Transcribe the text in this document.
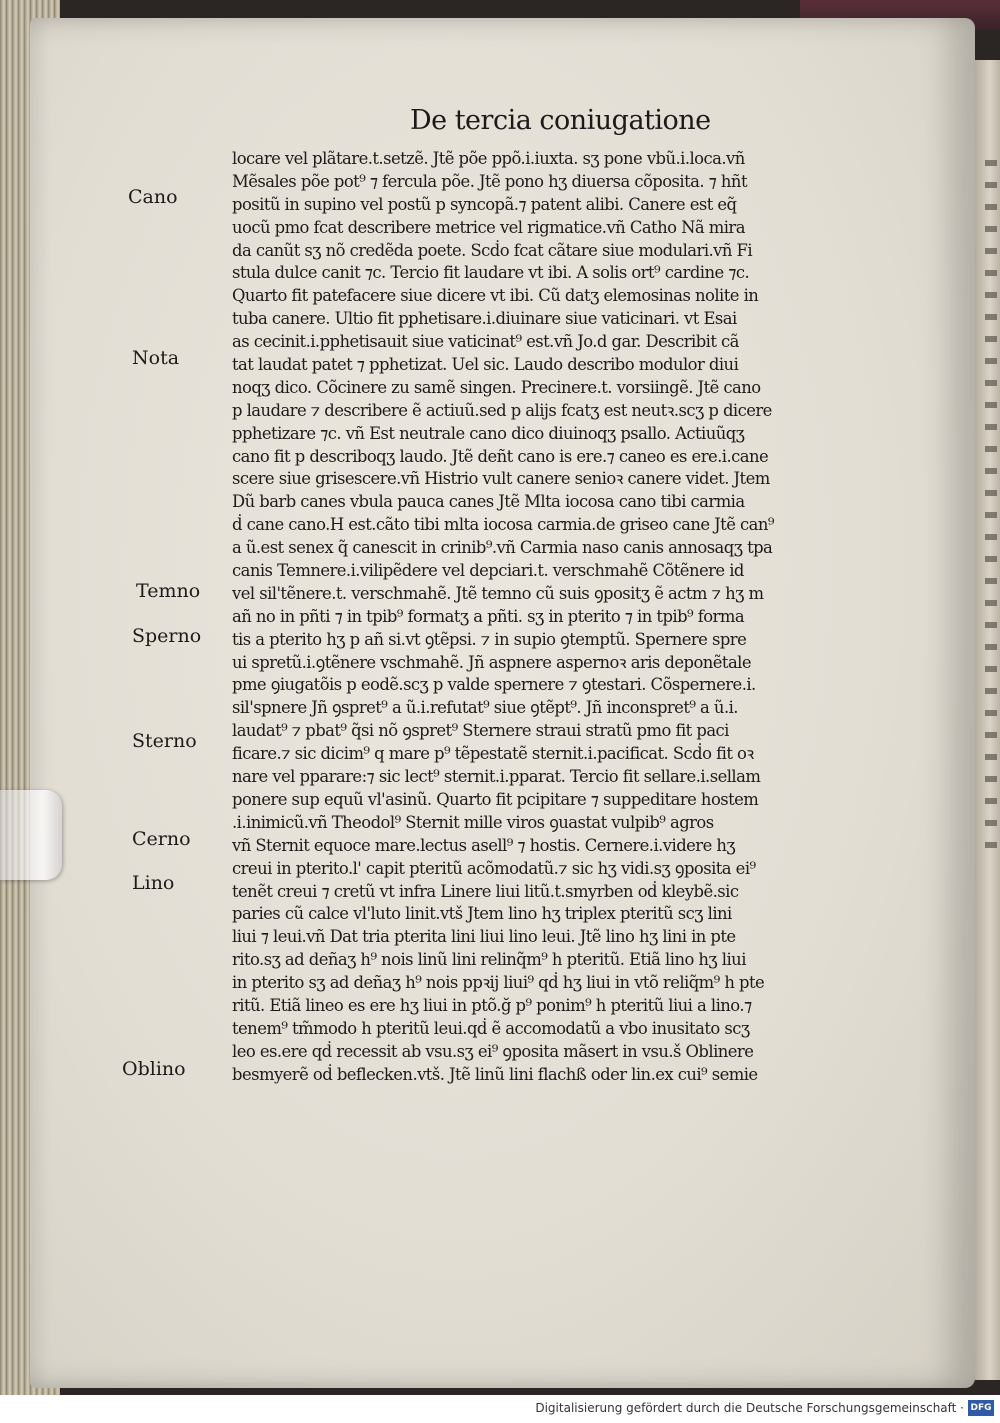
De tercia coniugatione
Cano
Nota
Temno
Sperno
Sterno
Cerno
Lino
Oblino
locare vel plãtare.t.setzẽ. Jtẽ põe ppõ.i.iuxta. sʒ pone vbũ.i.loca.vñ
Mẽsales põe pot⁹ ⁊ fercula põe. Jtẽ pono hʒ diuersa cõposita. ⁊ hñt
positũ in supino vel postũ p syncopã.⁊ patent alibi. Canere est eq̃
uocũ pmo fcat describere metrice vel rigmatice.vñ Catho Nã mira
da canũt sʒ nõ credẽda poete. Scḋo fcat cãtare siue modulari.vñ Fi
stula dulce canit ⁊c. Tercio fit laudare vt ibi. A solis ort⁹ cardine ⁊c.
Quarto fit patefacere siue dicere vt ibi. Cũ datʒ elemosinas nolite in
tuba canere. Ultio fit pphetisare.i.diuinare siue vaticinari. vt Esai
as cecinit.i.pphetisauit siue vaticinat⁹ est.vñ Jo.d gar. Describit cã
tat laudat patet ⁊ pphetizat. Uel sic. Laudo describo modulor diui
noqʒ dico. Cõcinere zu samẽ singen. Precinere.t. vorsiingẽ. Jtẽ cano
p laudare ⁊ describere ẽ actiuũ.sed p alijs fcatʒ est neutꝛ.scʒ p dicere
pphetizare ⁊c. vñ Est neutrale cano dico diuinoqʒ psallo. Actiuũqʒ
cano fit p describoqʒ laudo. Jtẽ deñt cano is ere.⁊ caneo es ere.i.cane
scere siue grisescere.vñ Histrio vult canere senioꝛ canere videt. Jtem
Dũ barb canes vbula pauca canes Jtẽ Mlta iocosa cano tibi carmia
ḋ cane cano.H est.cãto tibi mlta iocosa carmia.de griseo cane Jtẽ can⁹
a ũ.est senex q̃ canescit in crinib⁹.vñ Carmia naso canis annosaqʒ tpa
canis Temnere.i.vilipẽdere vel depciari.t. verschmahẽ Cõtẽnere id
vel sil'tẽnere.t. verschmahẽ. Jtẽ temno cũ suis ꝯpositʒ ẽ actm ⁊ hʒ m
añ no in pñti ⁊ in tpib⁹ formatʒ a pñti. sʒ in pterito ⁊ in tpib⁹ forma
tis a pterito hʒ p añ si.vt ꝯtẽpsi. ⁊ in supio ꝯtemptũ. Spernere spre
ui spretũ.i.ꝯtẽnere vschmahẽ. Jñ aspnere aspernoꝛ aris deponẽtale
pme ꝯiugatõis p eodẽ.scʒ p valde spernere ⁊ ꝯtestari. Cõspernere.i.
sil'spnere Jñ ꝯspret⁹ a ũ.i.refutat⁹ siue ꝯtẽpt⁹. Jñ inconspret⁹ a ũ.i.
laudat⁹ ⁊ pbat⁹ q̃si nõ ꝯspret⁹ Sternere straui stratũ pmo fit paci
ficare.⁊ sic dicim⁹ q mare p⁹ tẽpestatẽ sternit.i.pacificat. Scḋo fit oꝛ
nare vel pparare:⁊ sic lect⁹ sternit.i.pparat. Tercio fit sellare.i.sellam
ponere sup equũ vl'asinũ. Quarto fit pcipitare ⁊ suppeditare hostem
.i.inimicũ.vñ Theodol⁹ Sternit mille viros ꝯuastat vulpib⁹ agros
vñ Sternit equoce mare.lectus asell⁹ ⁊ hostis. Cernere.i.videre hʒ
creui in pterito.l' capit pteritũ acõmodatũ.⁊ sic hʒ vidi.sʒ ꝯposita ei⁹
tenẽt creui ⁊ cretũ vt infra Linere liui litũ.t.smyrben oḋ kleybẽ.sic
paries cũ calce vl'luto linit.vtš Jtem lino hʒ triplex pteritũ scʒ lini
liui ⁊ leui.vñ Dat tria pterita lini liui lino leui. Jtẽ lino hʒ lini in pte
rito.sʒ ad deñaʒ h⁹ nois linũ lini relinq̃m⁹ h pteritũ. Etiã lino hʒ liui
in pterito sʒ ad deñaʒ h⁹ nois ppꝛij liui⁹ qḋ hʒ liui in vtõ reliq̃m⁹ h pte
ritũ. Etiã lineo es ere hʒ liui in ptõ.ğ p⁹ ponim⁹ h pteritũ liui a lino.⁊
tenem⁹ tm̃modo h pteritũ leui.qḋ ẽ accomodatũ a vbo inusitato scʒ
leo es.ere qḋ recessit ab vsu.sʒ ei⁹ ꝯposita mãsert in vsu.š Oblinere
besmyerẽ oḋ beflecken.vtš. Jtẽ linũ lini flachß oder lin.ex cui⁹ semie
Digitalisierung gefördert durch die Deutsche Forschungsgemeinschaft · DFG
